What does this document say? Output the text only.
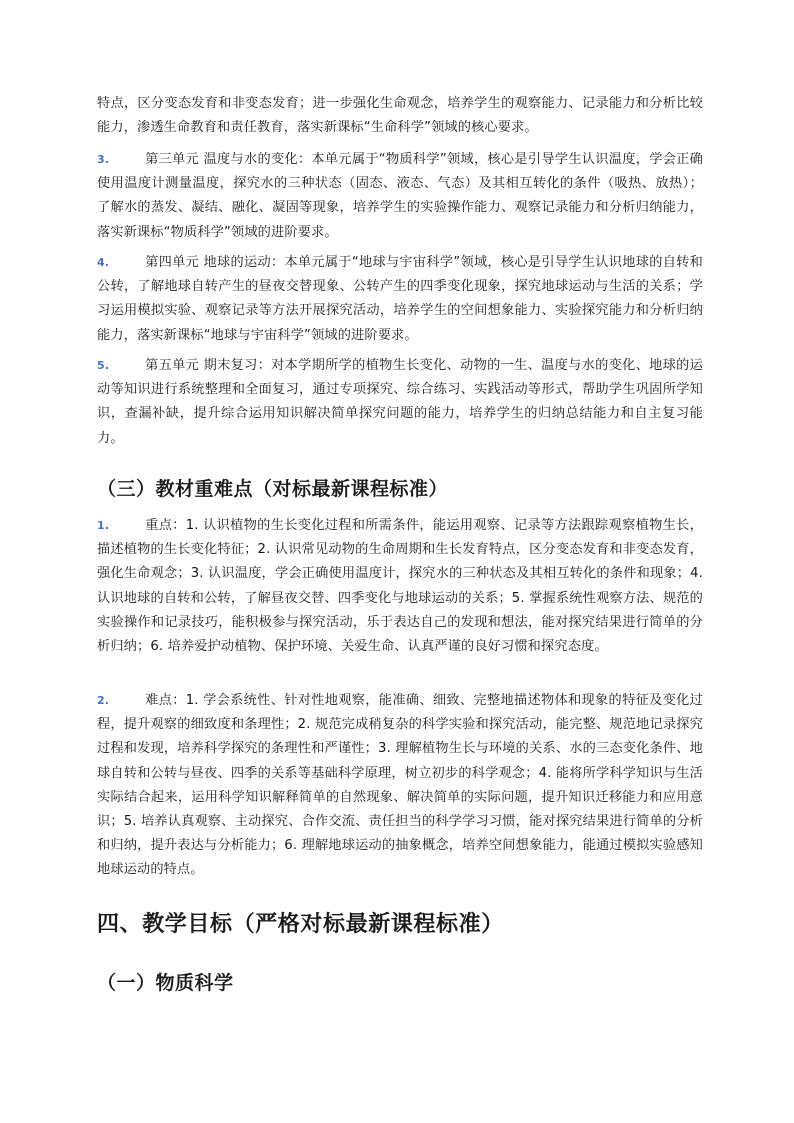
特点，区分变态发育和非变态发育；进一步强化生命观念，培养学生的观察能力、记录能力和分析比较能力，渗透生命教育和责任教育，落实新课标“生命科学”领域的核心要求。

3.	第三单元 温度与水的变化：本单元属于“物质科学”领域，核心是引导学生认识温度，学会正确使用温度计测量温度，探究水的三种状态（固态、液态、气态）及其相互转化的条件（吸热、放热）；了解水的蒸发、凝结、融化、凝固等现象，培养学生的实验操作能力、观察记录能力和分析归纳能力，落实新课标“物质科学”领域的进阶要求。

4.	第四单元 地球的运动：本单元属于“地球与宇宙科学”领域，核心是引导学生认识地球的自转和公转，了解地球自转产生的昼夜交替现象、公转产生的四季变化现象，探究地球运动与生活的关系；学习运用模拟实验、观察记录等方法开展探究活动，培养学生的空间想象能力、实验探究能力和分析归纳能力，落实新课标“地球与宇宙科学”领域的进阶要求。

5.	第五单元 期末复习：对本学期所学的植物生长变化、动物的一生、温度与水的变化、地球的运动等知识进行系统整理和全面复习，通过专项探究、综合练习、实践活动等形式，帮助学生巩固所学知识，查漏补缺，提升综合运用知识解决简单探究问题的能力，培养学生的归纳总结能力和自主复习能力。

（三）教材重难点（对标最新课程标准）

1.	重点：1. 认识植物的生长变化过程和所需条件，能运用观察、记录等方法跟踪观察植物生长，描述植物的生长变化特征；2. 认识常见动物的生命周期和生长发育特点，区分变态发育和非变态发育，强化生命观念；3. 认识温度，学会正确使用温度计，探究水的三种状态及其相互转化的条件和现象；4. 认识地球的自转和公转，了解昼夜交替、四季变化与地球运动的关系；5. 掌握系统性观察方法、规范的实验操作和记录技巧，能积极参与探究活动，乐于表达自己的发现和想法，能对探究结果进行简单的分析归纳；6. 培养爱护动植物、保护环境、关爱生命、认真严谨的良好习惯和探究态度。

2.	难点：1. 学会系统性、针对性地观察，能准确、细致、完整地描述物体和现象的特征及变化过程，提升观察的细致度和条理性；2. 规范完成稍复杂的科学实验和探究活动，能完整、规范地记录探究过程和发现，培养科学探究的条理性和严谨性；3. 理解植物生长与环境的关系、水的三态变化条件、地球自转和公转与昼夜、四季的关系等基础科学原理，树立初步的科学观念；4. 能将所学科学知识与生活实际结合起来，运用科学知识解释简单的自然现象、解决简单的实际问题，提升知识迁移能力和应用意识；5. 培养认真观察、主动探究、合作交流、责任担当的科学学习习惯，能对探究结果进行简单的分析和归纳，提升表达与分析能力；6. 理解地球运动的抽象概念，培养空间想象能力，能通过模拟实验感知地球运动的特点。

四、教学目标（严格对标最新课程标准）
（一）物质科学
